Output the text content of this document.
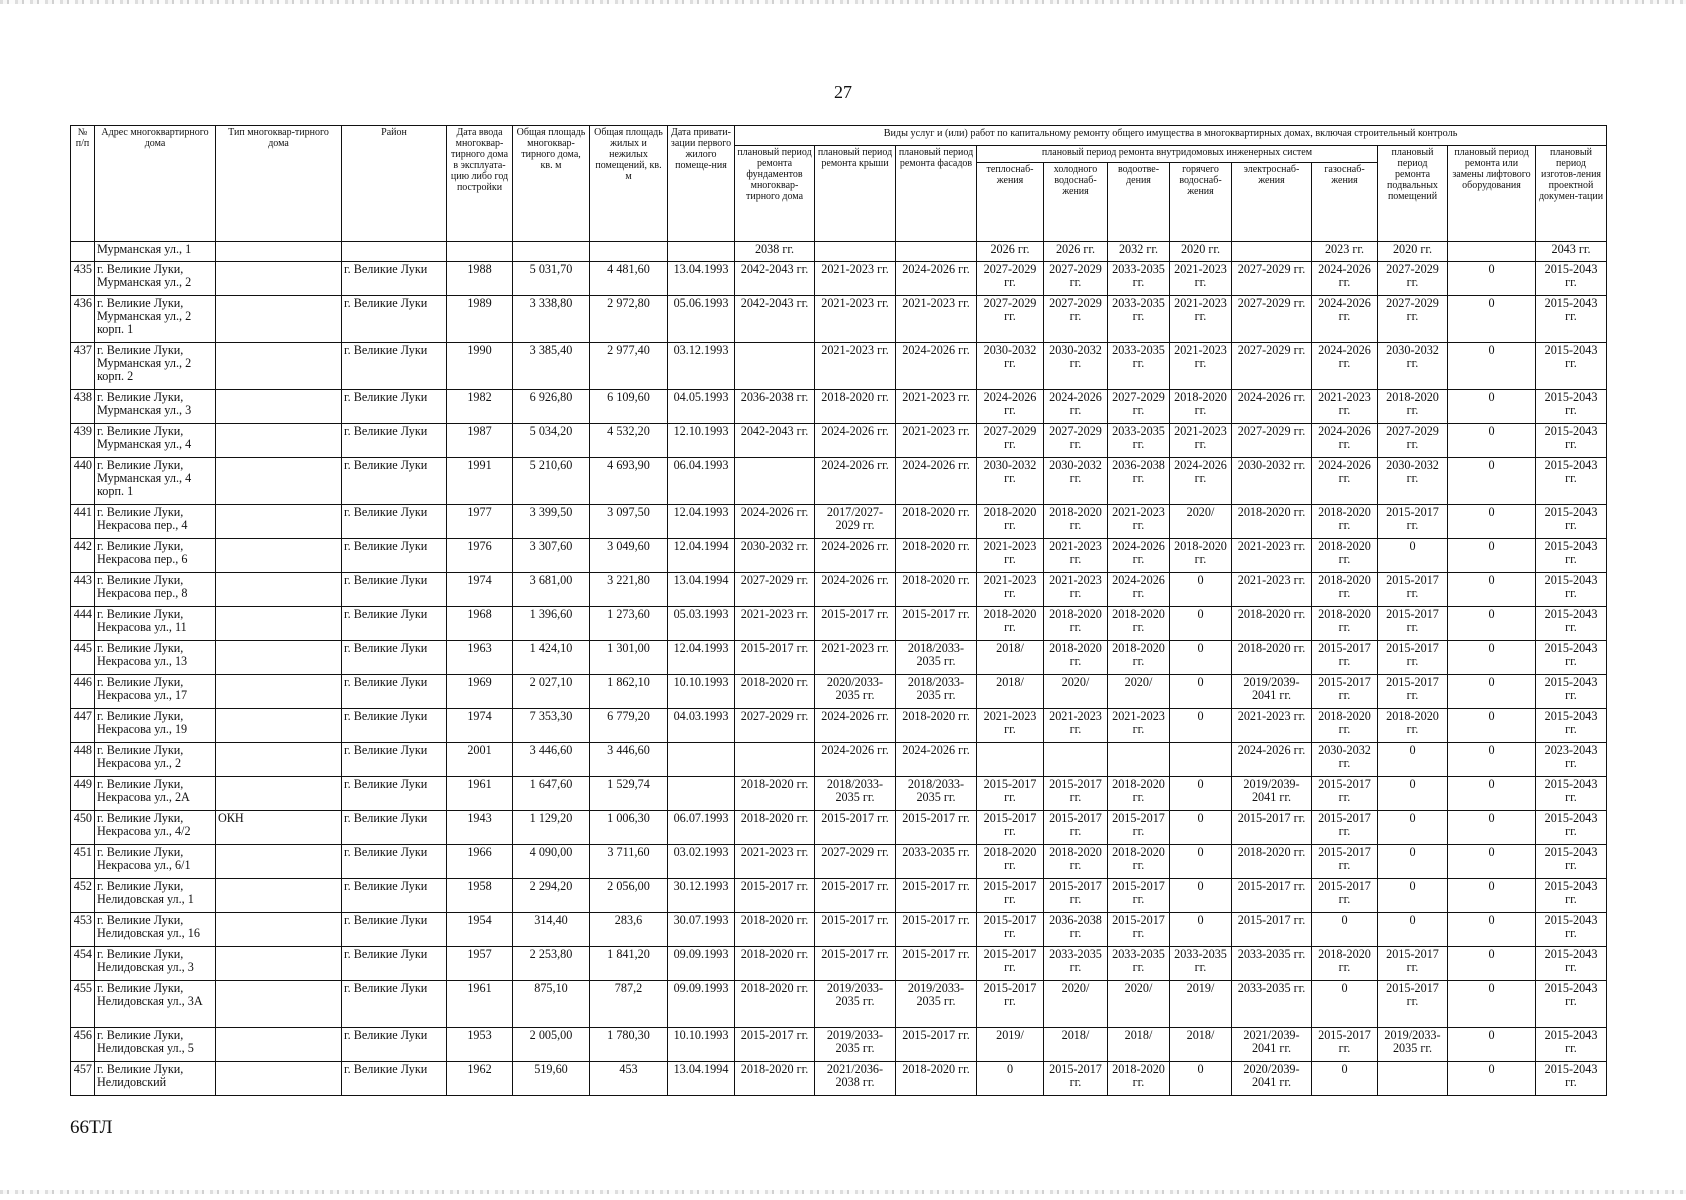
27
№ п/п	Адрес многоквартирного дома	Тип многоквар-тирного дома	Район	Дата ввода многоквар-тирного дома в эксплуата-цию либо год постройки	Общая площадь многоквар-тирного дома, кв. м	Общая площадь жилых и нежилых помещений, кв. м	Дата привати-зации первого жилого помеще-ния	Виды услуг и (или) работ по капитальному ремонту общего имущества в многоквартирных домах, включая строительный контроль											
								плановый период ремонта фундаментов многоквар-тирного дома	плановый период ремонта крыши	плановый период ремонта фасадов	плановый период ремонта внутридомовых инженерных систем						плановый период ремонта подвальных помещений	плановый период ремонта или замены лифтового оборудования	плановый период изготов-ления проектной докумен-тации
											теплоснаб-жения	холодного водоснаб-жения	водоотве-дения	горячего водоснаб-жения	электроснаб-жения	газоснаб-жения			
	Мурманская ул., 1							2038 гг.			2026 гг.	2026 гг.	2032 гг.	2020 гг.		2023 гг.	2020 гг.		2043 гг.
435	г. Великие Луки, Мурманская ул., 2		г. Великие Луки	1988	5 031,70	4 481,60	13.04.1993	2042-2043 гг.	2021-2023 гг.	2024-2026 гг.	2027-2029 гг.	2027-2029 гг.	2033-2035 гг.	2021-2023 гг.	2027-2029 гг.	2024-2026 гг.	2027-2029 гг.	0	2015-2043 гг.
436	г. Великие Луки, Мурманская ул., 2 корп. 1		г. Великие Луки	1989	3 338,80	2 972,80	05.06.1993	2042-2043 гг.	2021-2023 гг.	2021-2023 гг.	2027-2029 гг.	2027-2029 гг.	2033-2035 гг.	2021-2023 гг.	2027-2029 гг.	2024-2026 гг.	2027-2029 гг.	0	2015-2043 гг.
437	г. Великие Луки, Мурманская ул., 2 корп. 2		г. Великие Луки	1990	3 385,40	2 977,40	03.12.1993		2021-2023 гг.	2024-2026 гг.	2030-2032 гг.	2030-2032 гг.	2033-2035 гг.	2021-2023 гг.	2027-2029 гг.	2024-2026 гг.	2030-2032 гг.	0	2015-2043 гг.
438	г. Великие Луки, Мурманская ул., 3		г. Великие Луки	1982	6 926,80	6 109,60	04.05.1993	2036-2038 гг.	2018-2020 гг.	2021-2023 гг.	2024-2026 гг.	2024-2026 гг.	2027-2029 гг.	2018-2020 гг.	2024-2026 гг.	2021-2023 гг.	2018-2020 гг.	0	2015-2043 гг.
439	г. Великие Луки, Мурманская ул., 4		г. Великие Луки	1987	5 034,20	4 532,20	12.10.1993	2042-2043 гг.	2024-2026 гг.	2021-2023 гг.	2027-2029 гг.	2027-2029 гг.	2033-2035 гг.	2021-2023 гг.	2027-2029 гг.	2024-2026 гг.	2027-2029 гг.	0	2015-2043 гг.
440	г. Великие Луки, Мурманская ул., 4 корп. 1		г. Великие Луки	1991	5 210,60	4 693,90	06.04.1993		2024-2026 гг.	2024-2026 гг.	2030-2032 гг.	2030-2032 гг.	2036-2038 гг.	2024-2026 гг.	2030-2032 гг.	2024-2026 гг.	2030-2032 гг.	0	2015-2043 гг.
441	г. Великие Луки, Некрасова пер., 4		г. Великие Луки	1977	3 399,50	3 097,50	12.04.1993	2024-2026 гг.	2017/2027-2029 гг.	2018-2020 гг.	2018-2020 гг.	2018-2020 гг.	2021-2023 гг.	2020/	2018-2020 гг.	2018-2020 гг.	2015-2017 гг.	0	2015-2043 гг.
442	г. Великие Луки, Некрасова пер., 6		г. Великие Луки	1976	3 307,60	3 049,60	12.04.1994	2030-2032 гг.	2024-2026 гг.	2018-2020 гг.	2021-2023 гг.	2021-2023 гг.	2024-2026 гг.	2018-2020 гг.	2021-2023 гг.	2018-2020 гг.	0	0	2015-2043 гг.
443	г. Великие Луки, Некрасова пер., 8		г. Великие Луки	1974	3 681,00	3 221,80	13.04.1994	2027-2029 гг.	2024-2026 гг.	2018-2020 гг.	2021-2023 гг.	2021-2023 гг.	2024-2026 гг.	0	2021-2023 гг.	2018-2020 гг.	2015-2017 гг.	0	2015-2043 гг.
444	г. Великие Луки, Некрасова ул., 11		г. Великие Луки	1968	1 396,60	1 273,60	05.03.1993	2021-2023 гг.	2015-2017 гг.	2015-2017 гг.	2018-2020 гг.	2018-2020 гг.	2018-2020 гг.	0	2018-2020 гг.	2018-2020 гг.	2015-2017 гг.	0	2015-2043 гг.
445	г. Великие Луки, Некрасова ул., 13		г. Великие Луки	1963	1 424,10	1 301,00	12.04.1993	2015-2017 гг.	2021-2023 гг.	2018/2033-2035 гг.	2018/	2018-2020 гг.	2018-2020 гг.	0	2018-2020 гг.	2015-2017 гг.	2015-2017 гг.	0	2015-2043 гг.
446	г. Великие Луки, Некрасова ул., 17		г. Великие Луки	1969	2 027,10	1 862,10	10.10.1993	2018-2020 гг.	2020/2033-2035 гг.	2018/2033-2035 гг.	2018/	2020/	2020/	0	2019/2039-2041 гг.	2015-2017 гг.	2015-2017 гг.	0	2015-2043 гг.
447	г. Великие Луки, Некрасова ул., 19		г. Великие Луки	1974	7 353,30	6 779,20	04.03.1993	2027-2029 гг.	2024-2026 гг.	2018-2020 гг.	2021-2023 гг.	2021-2023 гг.	2021-2023 гг.	0	2021-2023 гг.	2018-2020 гг.	2018-2020 гг.	0	2015-2043 гг.
448	г. Великие Луки, Некрасова ул., 2		г. Великие Луки	2001	3 446,60	3 446,60			2024-2026 гг.	2024-2026 гг.					2024-2026 гг.	2030-2032 гг.	0	0	2023-2043 гг.
449	г. Великие Луки, Некрасова ул., 2А		г. Великие Луки	1961	1 647,60	1 529,74		2018-2020 гг.	2018/2033-2035 гг.	2018/2033-2035 гг.	2015-2017 гг.	2015-2017 гг.	2018-2020 гг.	0	2019/2039-2041 гг.	2015-2017 гг.	0	0	2015-2043 гг.
450	г. Великие Луки, Некрасова ул., 4/2	ОКН	г. Великие Луки	1943	1 129,20	1 006,30	06.07.1993	2018-2020 гг.	2015-2017 гг.	2015-2017 гг.	2015-2017 гг.	2015-2017 гг.	2015-2017 гг.	0	2015-2017 гг.	2015-2017 гг.	0	0	2015-2043 гг.
451	г. Великие Луки, Некрасова ул., 6/1		г. Великие Луки	1966	4 090,00	3 711,60	03.02.1993	2021-2023 гг.	2027-2029 гг.	2033-2035 гг.	2018-2020 гг.	2018-2020 гг.	2018-2020 гг.	0	2018-2020 гг.	2015-2017 гг.	0	0	2015-2043 гг.
452	г. Великие Луки, Нелидовская ул., 1		г. Великие Луки	1958	2 294,20	2 056,00	30.12.1993	2015-2017 гг.	2015-2017 гг.	2015-2017 гг.	2015-2017 гг.	2015-2017 гг.	2015-2017 гг.	0	2015-2017 гг.	2015-2017 гг.	0	0	2015-2043 гг.
453	г. Великие Луки, Нелидовская ул., 16		г. Великие Луки	1954	314,40	283,6	30.07.1993	2018-2020 гг.	2015-2017 гг.	2015-2017 гг.	2015-2017 гг.	2036-2038 гг.	2015-2017 гг.	0	2015-2017 гг.	0	0	0	2015-2043 гг.
454	г. Великие Луки, Нелидовская ул., 3		г. Великие Луки	1957	2 253,80	1 841,20	09.09.1993	2018-2020 гг.	2015-2017 гг.	2015-2017 гг.	2015-2017 гг.	2033-2035 гг.	2033-2035 гг.	2033-2035 гг.	2033-2035 гг.	2018-2020 гг.	2015-2017 гг.	0	2015-2043 гг.
455	г. Великие Луки, Нелидовская ул., 3А		г. Великие Луки	1961	875,10	787,2	09.09.1993	2018-2020 гг.	2019/2033-2035 гг.	2019/2033-2035 гг.	2015-2017 гг.	2020/	2020/	2019/	2033-2035 гг.	0	2015-2017 гг.	0	2015-2043 гг.
456	г. Великие Луки, Нелидовская ул., 5		г. Великие Луки	1953	2 005,00	1 780,30	10.10.1993	2015-2017 гг.	2019/2033-2035 гг.	2015-2017 гг.	2019/	2018/	2018/	2018/	2021/2039-2041 гг.	2015-2017 гг.	2019/2033-2035 гг.	0	2015-2043 гг.
457	г. Великие Луки, Нелидовский		г. Великие Луки	1962	519,60	453	13.04.1994	2018-2020 гг.	2021/2036-2038 гг.	2018-2020 гг.	0	2015-2017 гг.	2018-2020 гг.	0	2020/2039-2041 гг.	0		0	2015-2043 гг.
66ТЛ
